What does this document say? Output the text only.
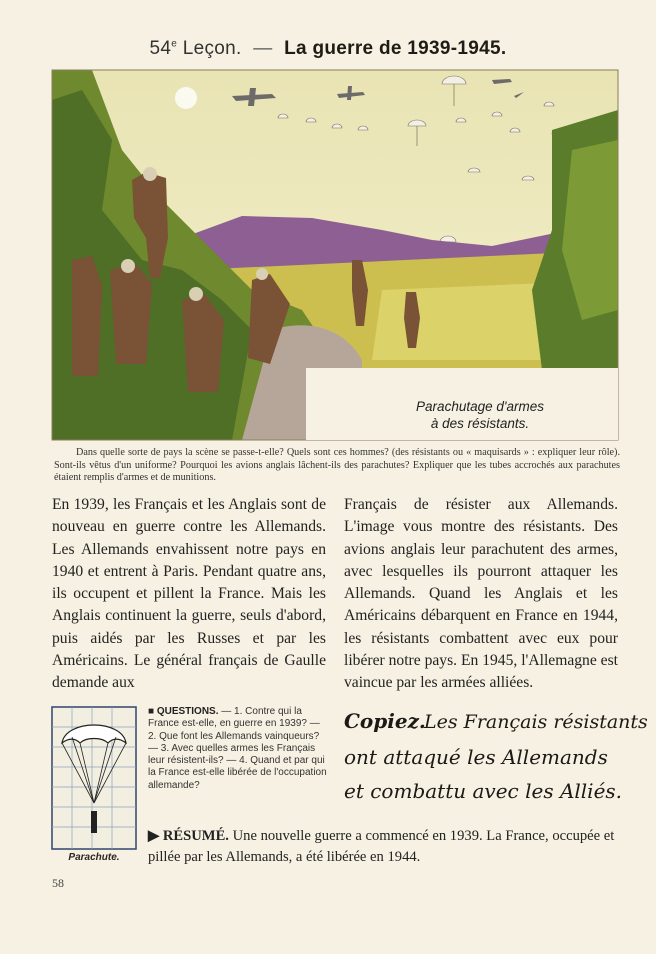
54e Leçon. — La guerre de 1939-1945.
Parachutage d'armes
à des résistants.
Dans quelle sorte de pays la scène se passe-t-elle? Quels sont ces hommes? (des résistants ou « maquisards » : expliquer leur rôle). Sont-ils vêtus d'un uniforme? Pourquoi les avions anglais lâchent-ils des parachutes? Expliquer que les tubes accrochés aux parachutes étaient remplis d'armes et de munitions.
En 1939, les Français et les Anglais sont de nouveau en guerre contre les Allemands. Les Allemands envahissent notre pays en 1940 et entrent à Paris. Pendant quatre ans, ils occupent et pillent la France. Mais les Anglais continuent la guerre, seuls d'abord, puis aidés par les Russes et par les Américains. Le général français de Gaulle demande aux
Français de résister aux Allemands. L'image vous montre des résistants. Des avions anglais leur parachutent des armes, avec lesquelles ils pourront attaquer les Allemands. Quand les Anglais et les Américains débarquent en France en 1944, les résistants combattent avec eux pour libérer notre pays. En 1945, l'Allemagne est vaincue par les armées alliées.
Parachute.
■ QUESTIONS. — 1. Contre qui la France est-elle, en guerre en 1939? — 2. Que font les Allemands vainqueurs? — 3. Avec quelles armes les Français leur résistent-ils? — 4. Quand et par qui la France est-elle libérée de l'occupation allemande?
Copiez.
Les Français résistants
ont attaqué les Allemands
et combattu avec les Alliés.
▶ RÉSUMÉ. Une nouvelle guerre a commencé en 1939. La France, occupée et pillée par les Allemands, a été libérée en 1944.
58
